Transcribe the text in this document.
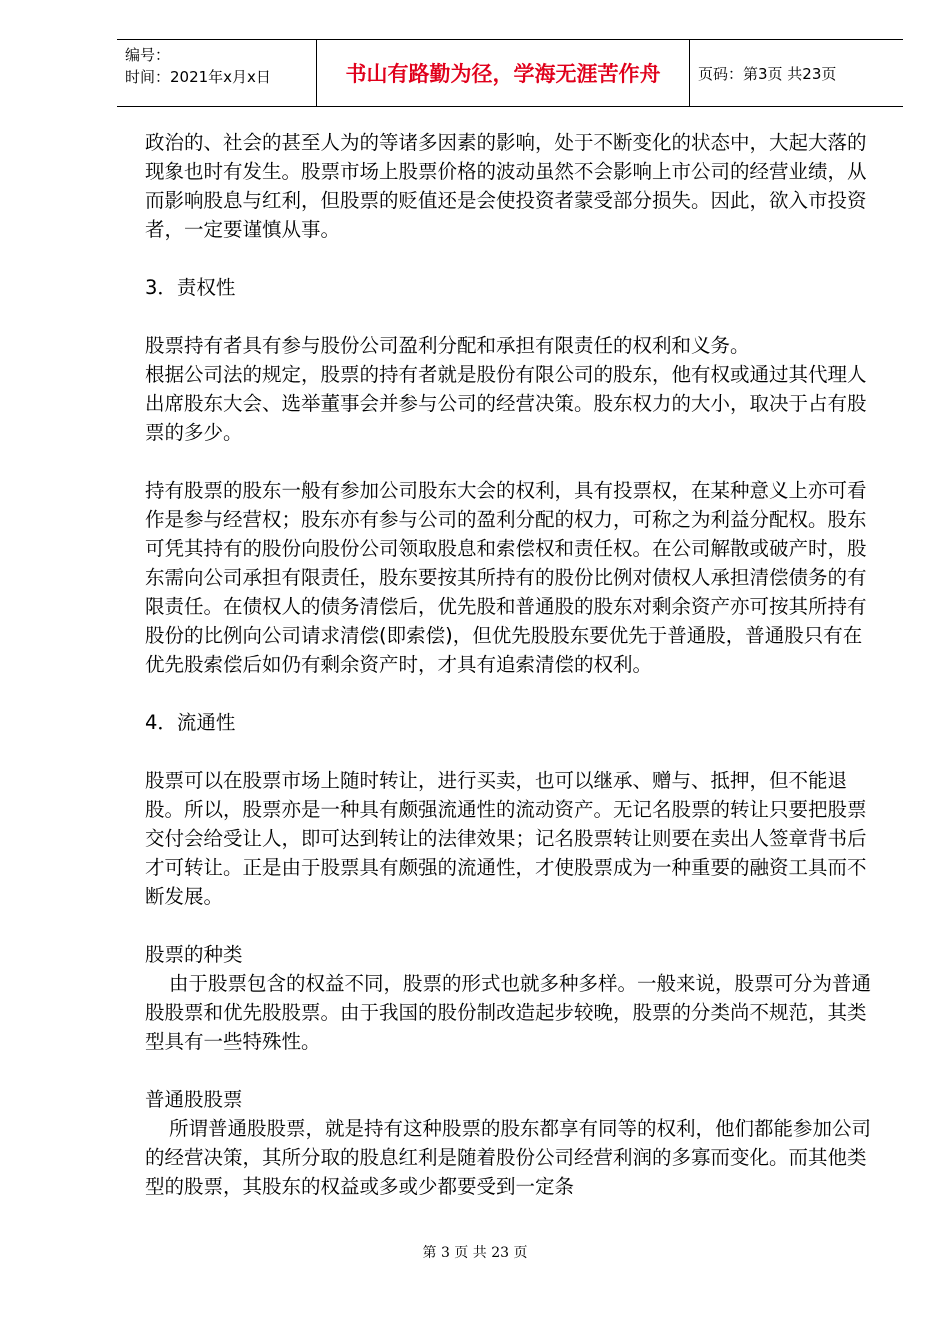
编号：
时间：2021年x月x日	书山有路勤为径，学海无涯苦作舟	页码：第3页 共23页

政治的、社会的甚至人为的等诸多因素的影响，处于不断变化的状态中，大起大落的现象也时有发生。股票市场上股票价格的波动虽然不会影响上市公司的经营业绩，从而影响股息与红利，但股票的贬值还是会使投资者蒙受部分损失。因此，欲入市投资者，一定要谨慎从事。

3．责权性

股票持有者具有参与股份公司盈利分配和承担有限责任的权利和义务。

根据公司法的规定，股票的持有者就是股份有限公司的股东，他有权或通过其代理人出席股东大会、选举董事会并参与公司的经营决策。股东权力的大小，取决于占有股票的多少。

持有股票的股东一般有参加公司股东大会的权利，具有投票权，在某种意义上亦可看作是参与经营权；股东亦有参与公司的盈利分配的权力，可称之为利益分配权。股东可凭其持有的股份向股份公司领取股息和索偿权和责任权。在公司解散或破产时，股东需向公司承担有限责任，股东要按其所持有的股份比例对债权人承担清偿债务的有限责任。在债权人的债务清偿后，优先股和普通股的股东对剩余资产亦可按其所持有股份的比例向公司请求清偿(即索偿)，但优先股股东要优先于普通股，普通股只有在优先股索偿后如仍有剩余资产时，才具有追索清偿的权利。

4．流通性

股票可以在股票市场上随时转让，进行买卖，也可以继承、赠与、抵押，但不能退股。所以，股票亦是一种具有颇强流通性的流动资产。无记名股票的转让只要把股票交付会给受让人，即可达到转让的法律效果；记名股票转让则要在卖出人签章背书后才可转让。正是由于股票具有颇强的流通性，才使股票成为一种重要的融资工具而不断发展。

股票的种类

由于股票包含的权益不同，股票的形式也就多种多样。一般来说，股票可分为普通股股票和优先股股票。由于我国的股份制改造起步较晚，股票的分类尚不规范，其类型具有一些特殊性。

普通股股票

所谓普通股股票，就是持有这种股票的股东都享有同等的权利，他们都能参加公司的经营决策，其所分取的股息红利是随着股份公司经营利润的多寡而变化。而其他类型的股票，其股东的权益或多或少都要受到一定条

第 3 页 共 23 页
